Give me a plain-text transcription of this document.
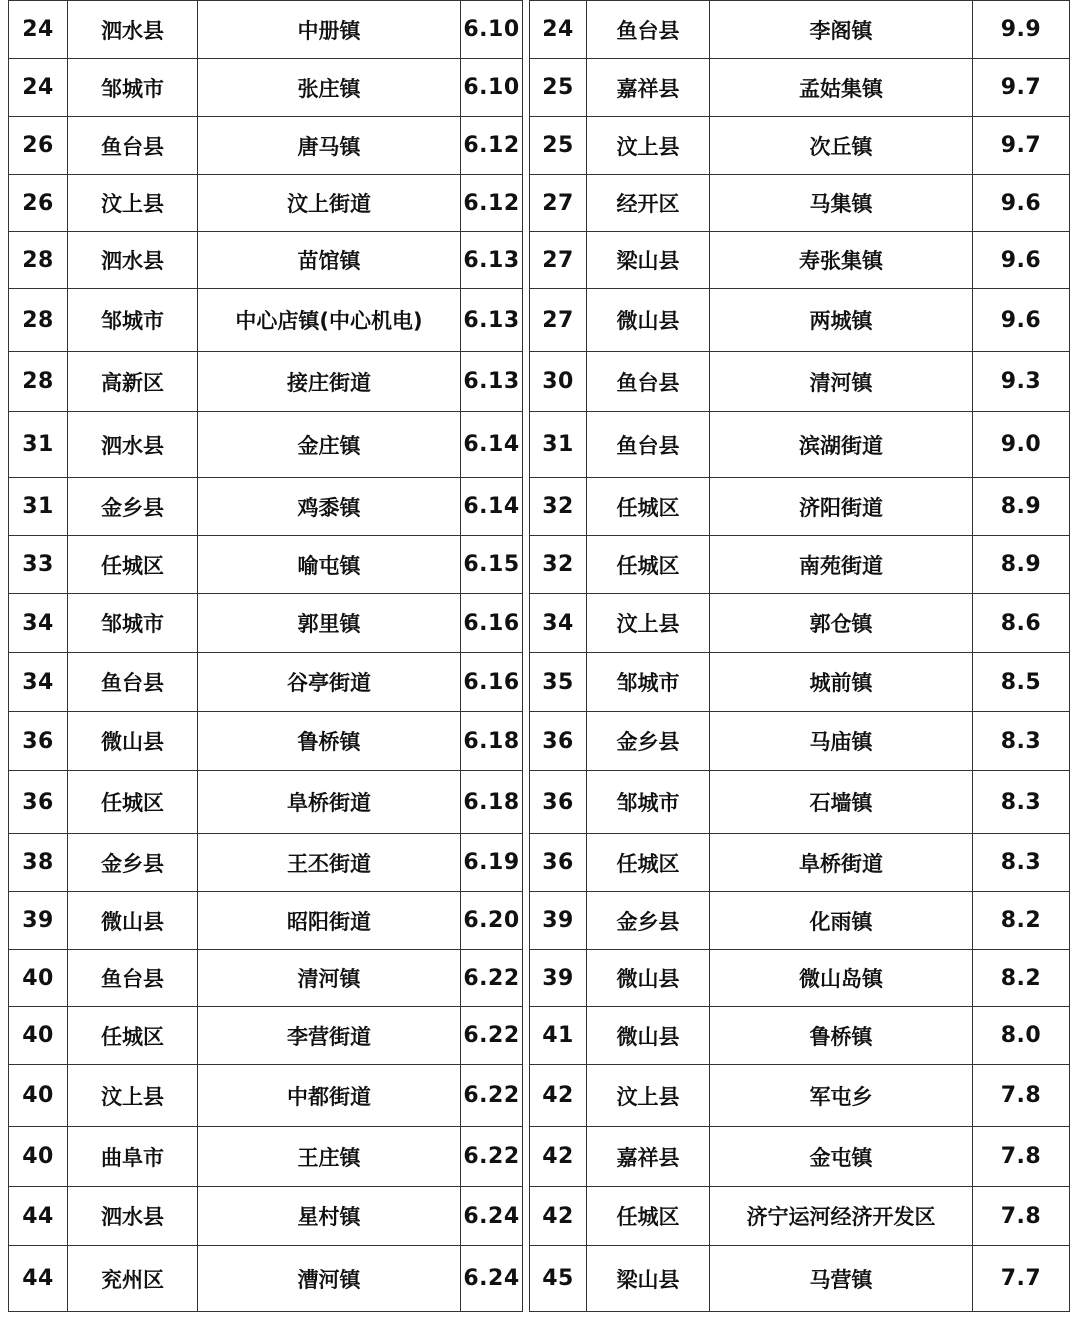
24	泗水县	中册镇	6.10
24	邹城市	张庄镇	6.10
26	鱼台县	唐马镇	6.12
26	汶上县	汶上街道	6.12
28	泗水县	苗馆镇	6.13
28	邹城市	中心店镇(中心机电)	6.13
28	高新区	接庄街道	6.13
31	泗水县	金庄镇	6.14
31	金乡县	鸡黍镇	6.14
33	任城区	喻屯镇	6.15
34	邹城市	郭里镇	6.16
34	鱼台县	谷亭街道	6.16
36	微山县	鲁桥镇	6.18
36	任城区	阜桥街道	6.18
38	金乡县	王丕街道	6.19
39	微山县	昭阳街道	6.20
40	鱼台县	清河镇	6.22
40	任城区	李营街道	6.22
40	汶上县	中都街道	6.22
40	曲阜市	王庄镇	6.22
44	泗水县	星村镇	6.24
44	兖州区	漕河镇	6.24
24	鱼台县	李阁镇	9.9
25	嘉祥县	孟姑集镇	9.7
25	汶上县	次丘镇	9.7
27	经开区	马集镇	9.6
27	梁山县	寿张集镇	9.6
27	微山县	两城镇	9.6
30	鱼台县	清河镇	9.3
31	鱼台县	滨湖街道	9.0
32	任城区	济阳街道	8.9
32	任城区	南苑街道	8.9
34	汶上县	郭仓镇	8.6
35	邹城市	城前镇	8.5
36	金乡县	马庙镇	8.3
36	邹城市	石墙镇	8.3
36	任城区	阜桥街道	8.3
39	金乡县	化雨镇	8.2
39	微山县	微山岛镇	8.2
41	微山县	鲁桥镇	8.0
42	汶上县	军屯乡	7.8
42	嘉祥县	金屯镇	7.8
42	任城区	济宁运河经济开发区	7.8
45	梁山县	马营镇	7.7
